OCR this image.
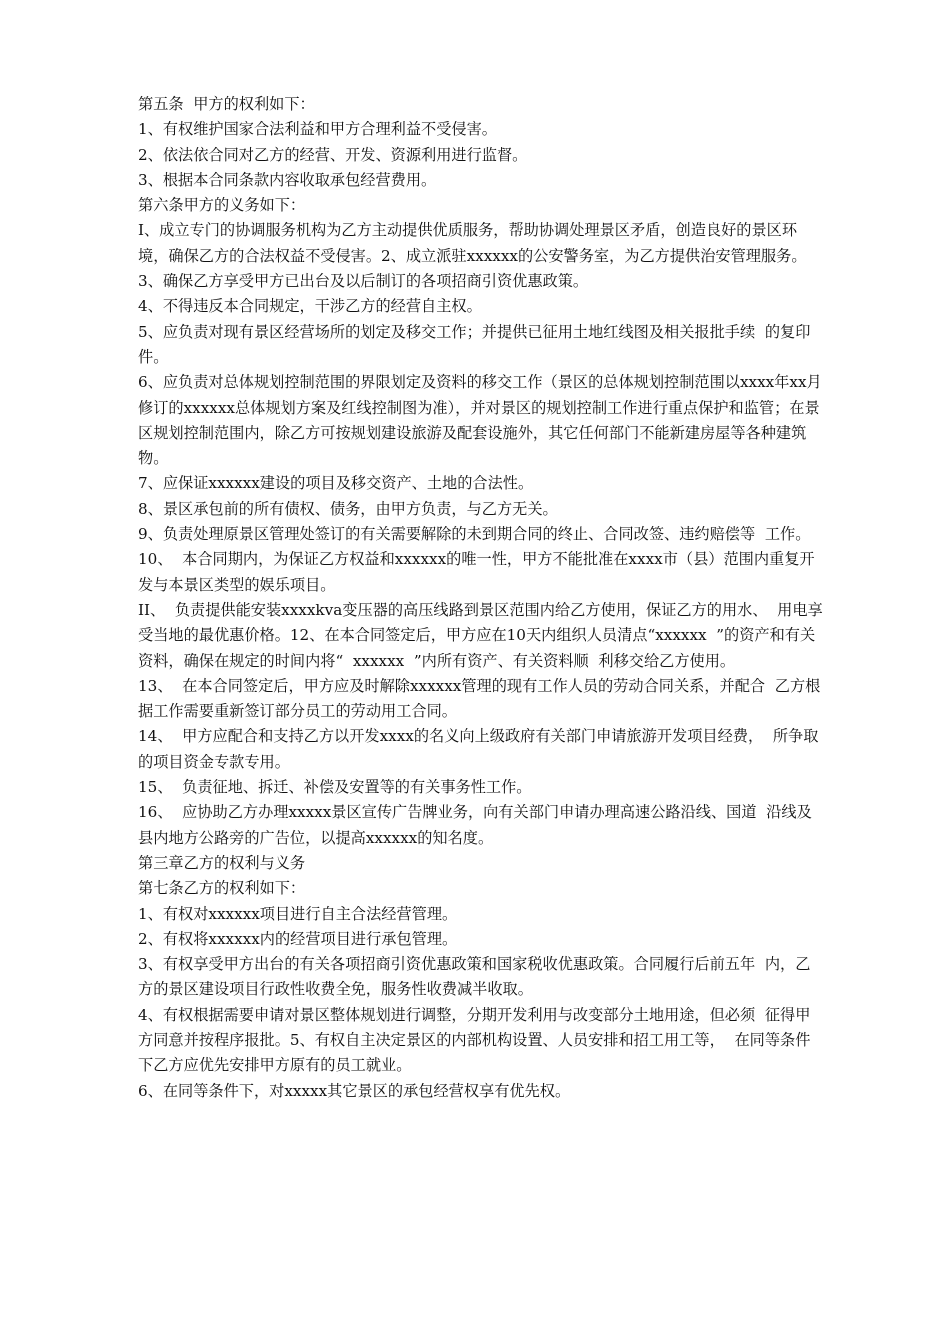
第五条  甲方的权利如下：

1、有权维护国家合法利益和甲方合理利益不受侵害。

2、依法依合同对乙方的经营、开发、资源利用进行监督。

3、根据本合同条款内容收取承包经营费用。

第六条甲方的义务如下：

I、成立专门的协调服务机构为乙方主动提供优质服务，帮助协调处理景区矛盾，创造良好的景区环境，确保乙方的合法权益不受侵害。2、成立派驻xxxxxx的公安警务室，为乙方提供治安管理服务。

3、确保乙方享受甲方已出台及以后制订的各项招商引资优惠政策。

4、不得违反本合同规定，干涉乙方的经营自主权。

5、应负责对现有景区经营场所的划定及移交工作；并提供已征用土地红线图及相关报批手续  的复印件。

6、应负责对总体规划控制范围的界限划定及资料的移交工作（景区的总体规划控制范围以xxxx年xx月修订的xxxxxx总体规划方案及红线控制图为准），并对景区的规划控制工作进行重点保护和监管；在景区规划控制范围内，除乙方可按规划建设旅游及配套设施外，其它任何部门不能新建房屋等各种建筑物。

7、应保证xxxxxx建设的项目及移交资产、土地的合法性。

8、景区承包前的所有债权、债务，由甲方负责，与乙方无关。

9、负责处理原景区管理处签订的有关需要解除的未到期合同的终止、合同改签、违约赔偿等  工作。

10、  本合同期内，为保证乙方权益和xxxxxx的唯一性，甲方不能批准在xxxx市（县）范围内重复开发与本景区类型的娱乐项目。

II、  负责提供能安装xxxxkva变压器的高压线路到景区范围内给乙方使用，保证乙方的用水、  用电享受当地的最优惠价格。12、在本合同签定后，甲方应在10天内组织人员清点“xxxxxx  ”的资产和有关资料，确保在规定的时间内将“  xxxxxx  ”内所有资产、有关资料顺  利移交给乙方使用。

13、  在本合同签定后，甲方应及时解除xxxxxx管理的现有工作人员的劳动合同关系，并配合  乙方根据工作需要重新签订部分员工的劳动用工合同。

14、  甲方应配合和支持乙方以开发xxxx的名义向上级政府有关部门申请旅游开发项目经费，  所争取的项目资金专款专用。

15、  负责征地、拆迁、补偿及安置等的有关事务性工作。

16、  应协助乙方办理xxxxx景区宣传广告牌业务，向有关部门申请办理高速公路沿线、国道  沿线及县内地方公路旁的广告位，以提高xxxxxx的知名度。

第三章乙方的权利与义务

第七条乙方的权利如下：

1、有权对xxxxxx项目进行自主合法经营管理。

2、有权将xxxxxx内的经营项目进行承包管理。

3、有权享受甲方出台的有关各项招商引资优惠政策和国家税收优惠政策。合同履行后前五年  内，乙方的景区建设项目行政性收费全免，服务性收费减半收取。

4、有权根据需要申请对景区整体规划进行调整，分期开发利用与改变部分土地用途，但必须  征得甲方同意并按程序报批。5、有权自主决定景区的内部机构设置、人员安排和招工用工等，  在同等条件下乙方应优先安排甲方原有的员工就业。

6、在同等条件下，对xxxxx其它景区的承包经营权享有优先权。
